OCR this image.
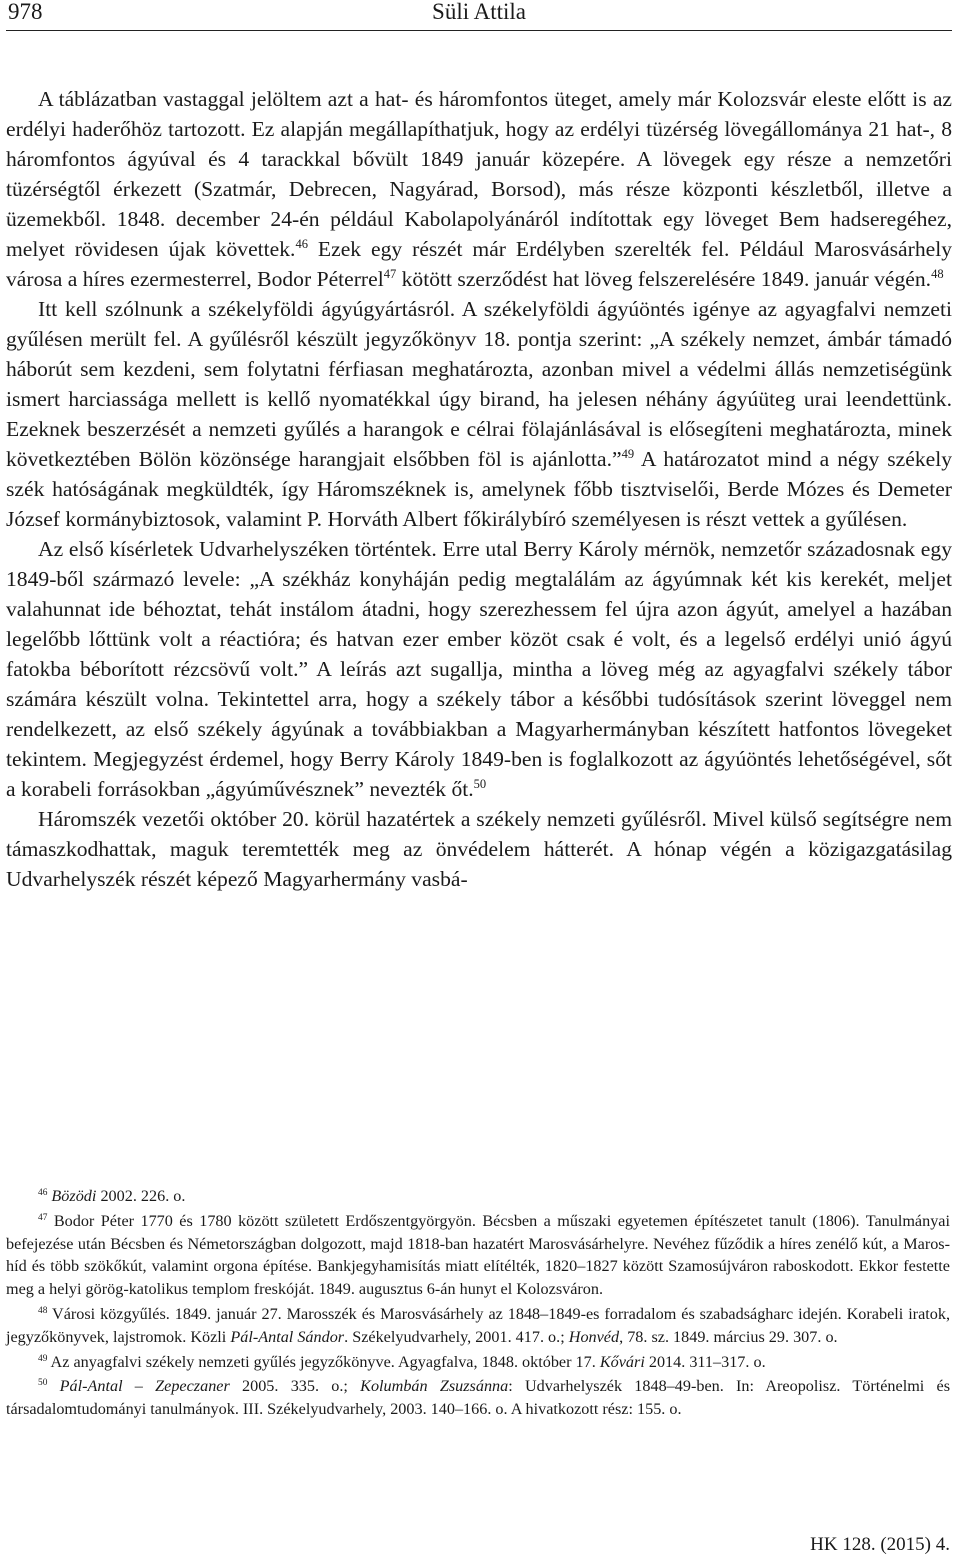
978	Süli Attila

A táblázatban vastaggal jelöltem azt a hat- és háromfontos üteget, amely már Kolozsvár eleste előtt is az erdélyi haderőhöz tartozott. Ez alapján megállapíthatjuk, hogy az erdélyi tüzérség lövegállománya 21 hat-, 8 háromfontos ágyúval és 4 tarackkal bővült 1849 január közepére. A lövegek egy része a nemzetőri tüzérségtől érkezett (Szatmár, Debrecen, Nagyárad, Borsod), más része központi készletből, illetve a üzemekből. 1848. december 24-én például Kabolapolyánáról indítottak egy löveget Bem hadseregéhez, melyet rövidesen újak követtek.$^{46}$ Ezek egy részét már Erdélyben szerelték fel. Például Marosvásárhely városa a híres ezermesterrel, Bodor Péterrel$^{47}$ kötött szerződést hat löveg felszerelésére 1849. január végén.$^{48}$

Itt kell szólnunk a székelyföldi ágyúgyártásról. A székelyföldi ágyúöntés igénye az agyagfalvi nemzeti gyűlésen merült fel. A gyűlésről készült jegyzőkönyv 18. pontja szerint: „A székely nemzet, ámbár támadó háborút sem kezdeni, sem folytatni férfiasan meghatározta, azonban mivel a védelmi állás nemzetiségünk ismert harciassága mellett is kellő nyomatékkal úgy birand, ha jelesen néhány ágyúüteg urai leendettünk. Ezeknek beszerzését a nemzeti gyűlés a harangok e célrai fölajánlásával is elősegíteni meghatározta, minek következtében Bölön közönsége harangjait elsőbben föl is ajánlotta.”$^{49}$ A határozatot mind a négy székely szék hatóságának megküldték, így Háromszéknek is, amelynek főbb tisztviselői, Berde Mózes és Demeter József kormánybiztosok, valamint P. Horváth Albert főkirálybíró személyesen is részt vettek a gyűlésen.

Az első kísérletek Udvarhelyszéken történtek. Erre utal Berry Károly mérnök, nemzetőr századosnak egy 1849-ből származó levele: „A székház konyháján pedig megtalálám az ágyúmnak két kis kerekét, meljet valahunnat ide béhoztat, tehát instálom átadni, hogy szerezhessem fel újra azon ágyút, amelyel a hazában legelőbb lőttünk volt a réactióra; és hatvan ezer ember közöt csak é volt, és a legelső erdélyi unió ágyú fatokba béborított rézcsövű volt.” A leírás azt sugallja, mintha a löveg még az agyagfalvi székely tábor számára készült volna. Tekintettel arra, hogy a székely tábor a későbbi tudósítások szerint löveggel nem rendelkezett, az első székely ágyúnak a továbbiakban a Magyarhermányban készített hatfontos lövegeket tekintem. Megjegyzést érdemel, hogy Berry Károly 1849-ben is foglalkozott az ágyúöntés lehetőségével, sőt a korabeli forrásokban „ágyúművésznek” nevezték őt.$^{50}$

Háromszék vezetői október 20. körül hazatértek a székely nemzeti gyűlésről. Mivel külső segítségre nem támaszkodhattak, maguk teremtették meg az önvédelem hátterét. A hónap végén a közigazgatásilag Udvarhelyszék részét képező Magyarhermány vasbá-

$^{46}$ Bözödi 2002. 226. o.

$^{47}$ Bodor Péter 1770 és 1780 között született Erdőszentgyörgyön. Bécsben a műszaki egyetemen építészetet tanult (1806). Tanulmányai befejezése után Bécsben és Németországban dolgozott, majd 1818-ban hazatért Marosvásárhelyre. Nevéhez fűződik a híres zenélő kút, a Maros-híd és több szökőkút, valamint orgona építése. Bankjegyhamisítás miatt elítélték, 1820–1827 között Szamosújváron raboskodott. Ekkor festette meg a helyi görög-katolikus templom freskóját. 1849. augusztus 6-án hunyt el Kolozsváron.

$^{48}$ Városi közgyűlés. 1849. január 27. Marosszék és Marosvásárhely az 1848–1849-es forradalom és szabadságharc idején. Korabeli iratok, jegyzőkönyvek, lajstromok. Közli Pál-Antal Sándor. Székelyudvarhely, 2001. 417. o.; Honvéd, 78. sz. 1849. március 29. 307. o.

$^{49}$ Az anyagfalvi székely nemzeti gyűlés jegyzőkönyve. Agyagfalva, 1848. október 17. Kővári 2014. 311–317. o.

$^{50}$ Pál-Antal – Zepeczaner 2005. 335. o.; Kolumbán Zsuzsánna: Udvarhelyszék 1848–49-ben. In: Areopolisz. Történelmi és társadalomtudományi tanulmányok. III. Székelyudvarhely, 2003. 140–166. o. A hivatkozott rész: 155. o.

HK 128. (2015) 4.
